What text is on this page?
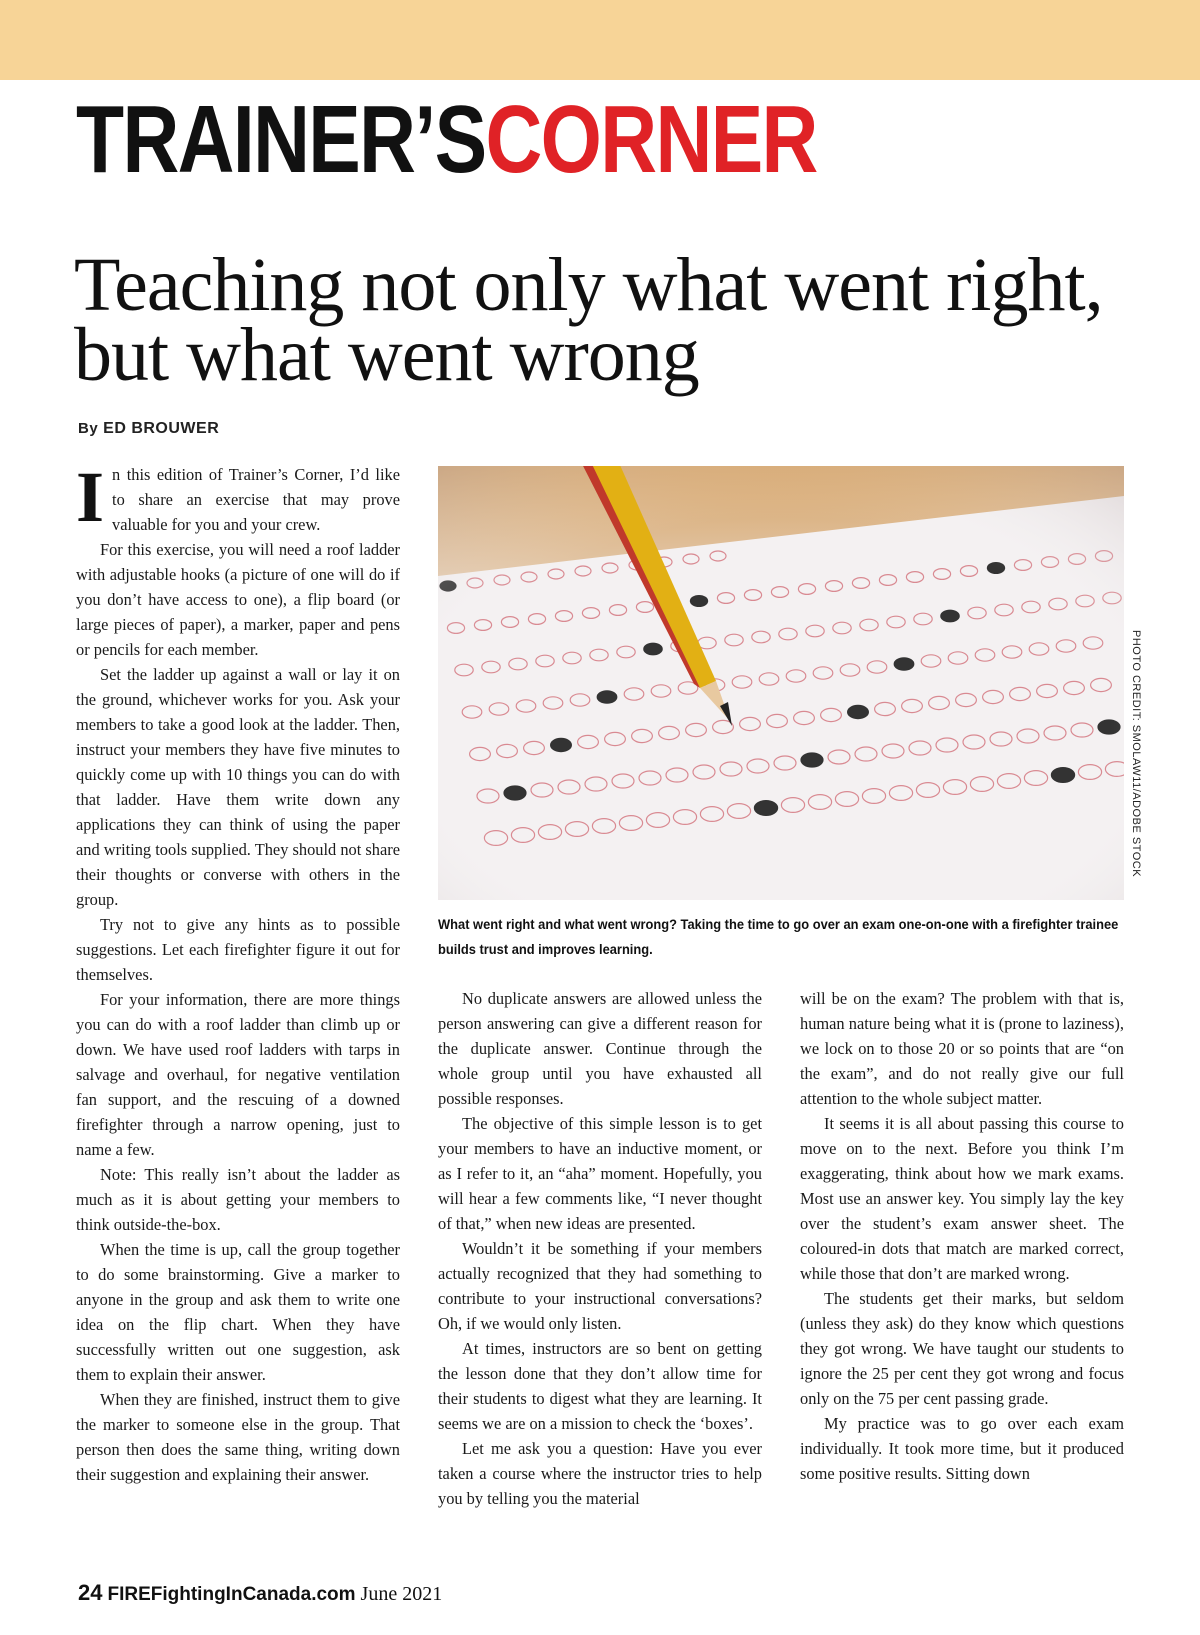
TRAINER’SCORNER
Teaching not only what went right, but what went wrong
By ED BROUWER

In this edition of Trainer’s Corner, I’d like to share an exercise that may prove valuable for you and your crew.

For this exercise, you will need a roof ladder with adjustable hooks (a picture of one will do if you don’t have access to one), a flip board (or large pieces of paper), a marker, paper and pens or pencils for each member.

Set the ladder up against a wall or lay it on the ground, whichever works for you. Ask your members to take a good look at the ladder. Then, instruct your members they have five minutes to quickly come up with 10 things you can do with that ladder. Have them write down any applications they can think of using the paper and writing tools supplied. They should not share their thoughts or converse with others in the group.

Try not to give any hints as to possible suggestions. Let each firefighter figure it out for themselves.

For your information, there are more things you can do with a roof ladder than climb up or down. We have used roof ladders with tarps in salvage and overhaul, for negative ventilation fan support, and the rescuing of a downed firefighter through a narrow opening, just to name a few.

Note: This really isn’t about the ladder as much as it is about getting your members to think outside-the-box.

When the time is up, call the group together to do some brainstorming. Give a marker to anyone in the group and ask them to write one idea on the flip chart. When they have successfully written out one suggestion, ask them to explain their answer.

When they are finished, instruct them to give the marker to someone else in the group. That person then does the same thing, writing down their suggestion and explaining their answer.

PHOTO CREDIT: SMOLAW11/ADOBE STOCK
What went right and what went wrong? Taking the time to go over an exam one-on-one with a firefighter trainee builds trust and improves learning.

No duplicate answers are allowed unless the person answering can give a different reason for the duplicate answer. Continue through the whole group until you have exhausted all possible responses.

The objective of this simple lesson is to get your members to have an inductive moment, or as I refer to it, an “aha” moment. Hopefully, you will hear a few comments like, “I never thought of that,” when new ideas are presented.

Wouldn’t it be something if your members actually recognized that they had something to contribute to your instructional conversations? Oh, if we would only listen.

At times, instructors are so bent on getting the lesson done that they don’t allow time for their students to digest what they are learning. It seems we are on a mission to check the ‘boxes’.

Let me ask you a question: Have you ever taken a course where the instructor tries to help you by telling you the material

will be on the exam? The problem with that is, human nature being what it is (prone to laziness), we lock on to those 20 or so points that are “on the exam”, and do not really give our full attention to the whole subject matter.

It seems it is all about passing this course to move on to the next. Before you think I’m exaggerating, think about how we mark exams. Most use an answer key. You simply lay the key over the student’s exam answer sheet. The coloured-in dots that match are marked correct, while those that don’t are marked wrong.

The students get their marks, but seldom (unless they ask) do they know which questions they got wrong. We have taught our students to ignore the 25 per cent they got wrong and focus only on the 75 per cent passing grade.

My practice was to go over each exam individually. It took more time, but it produced some positive results. Sitting down

24 FIREFightingInCanada.com June 2021
